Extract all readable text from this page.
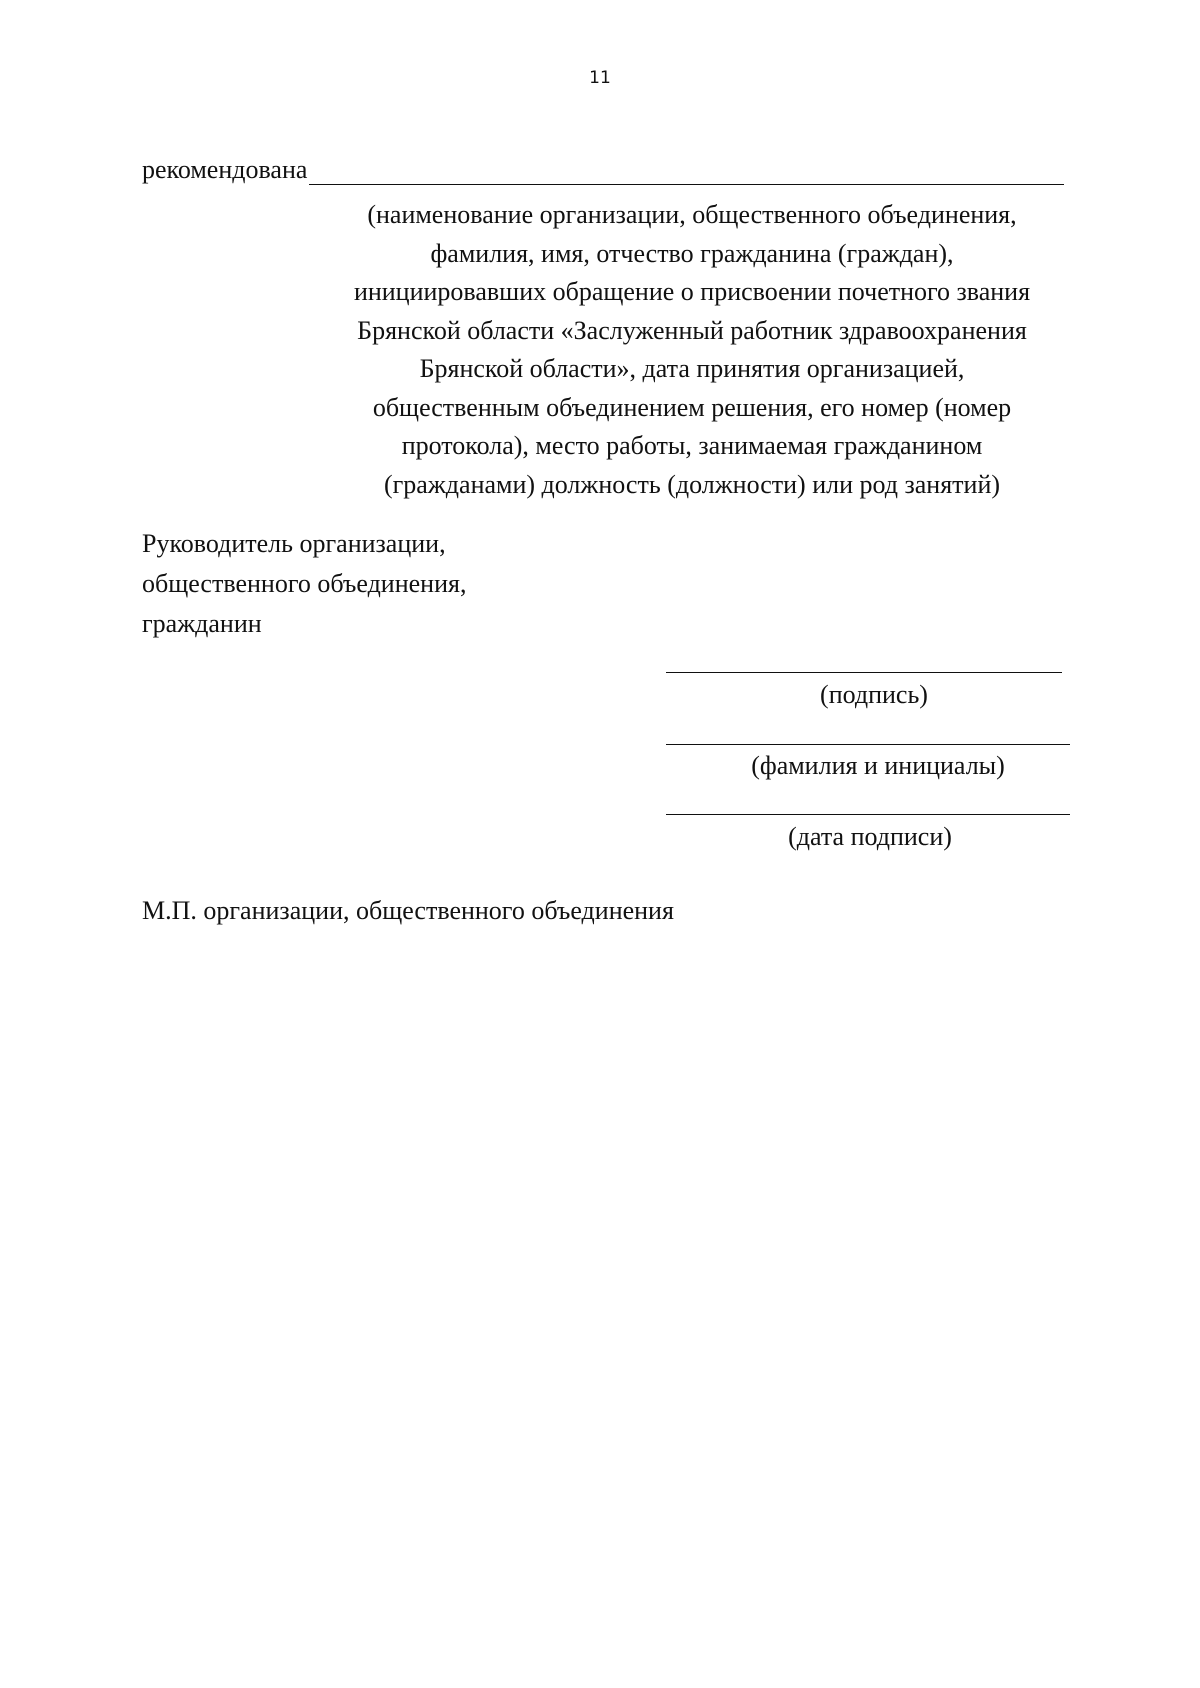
11
рекомендована
(наименование организации, общественного объединения,
фамилия, имя, отчество гражданина (граждан),
инициировавших обращение о присвоении почетного звания
Брянской области «Заслуженный работник здравоохранения
Брянской области», дата принятия организацией,
общественным объединением решения, его номер (номер
протокола), место работы, занимаемая гражданином
(гражданами) должность (должности) или род занятий)
Руководитель организации,
общественного объединения,
гражданин
(подпись)
(фамилия и инициалы)
(дата подписи)
М.П. организации, общественного объединения
